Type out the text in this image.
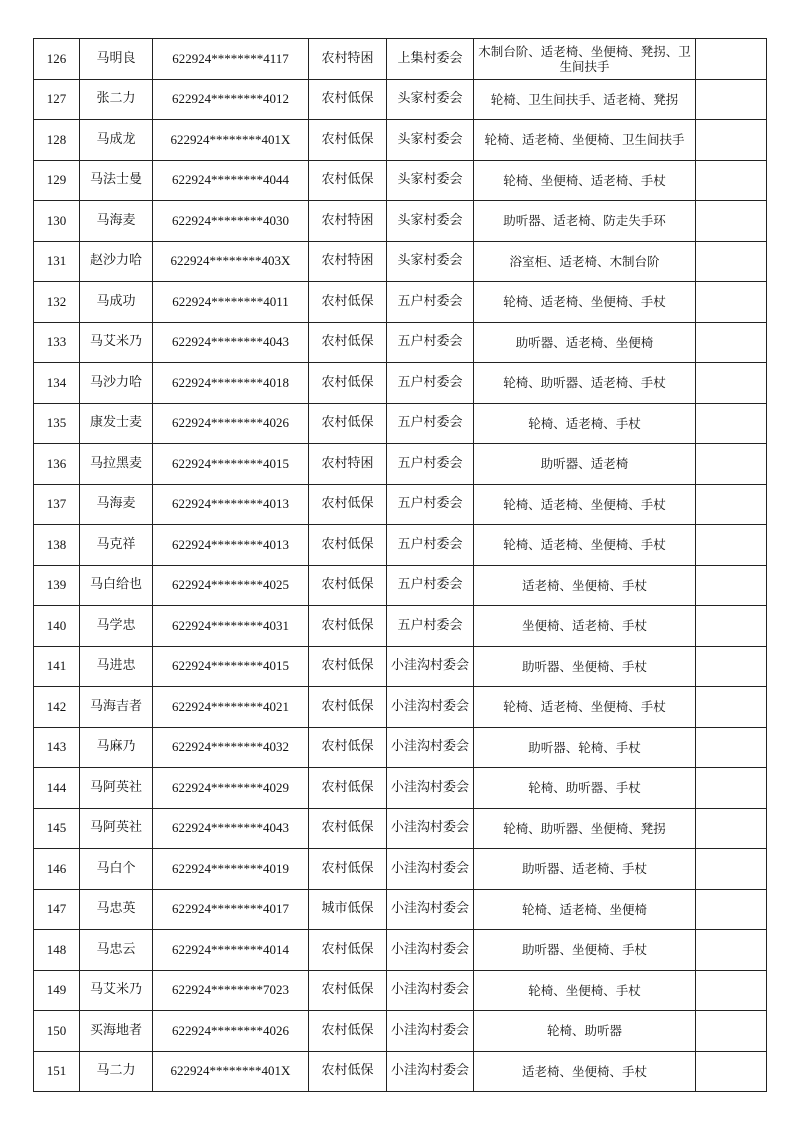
126	马明良	622924********4117	农村特困	上集村委会	木制台阶、适老椅、坐便椅、凳拐、卫生间扶手	
127	张二力	622924********4012	农村低保	头家村委会	轮椅、卫生间扶手、适老椅、凳拐	
128	马成龙	622924********401X	农村低保	头家村委会	轮椅、适老椅、坐便椅、卫生间扶手	
129	马法士曼	622924********4044	农村低保	头家村委会	轮椅、坐便椅、适老椅、手杖	
130	马海麦	622924********4030	农村特困	头家村委会	助听器、适老椅、防走失手环	
131	赵沙力哈	622924********403X	农村特困	头家村委会	浴室柜、适老椅、木制台阶	
132	马成功	622924********4011	农村低保	五户村委会	轮椅、适老椅、坐便椅、手杖	
133	马艾米乃	622924********4043	农村低保	五户村委会	助听器、适老椅、坐便椅	
134	马沙力哈	622924********4018	农村低保	五户村委会	轮椅、助听器、适老椅、手杖	
135	康发士麦	622924********4026	农村低保	五户村委会	轮椅、适老椅、手杖	
136	马拉黑麦	622924********4015	农村特困	五户村委会	助听器、适老椅	
137	马海麦	622924********4013	农村低保	五户村委会	轮椅、适老椅、坐便椅、手杖	
138	马克祥	622924********4013	农村低保	五户村委会	轮椅、适老椅、坐便椅、手杖	
139	马白给也	622924********4025	农村低保	五户村委会	适老椅、坐便椅、手杖	
140	马学忠	622924********4031	农村低保	五户村委会	坐便椅、适老椅、手杖	
141	马进忠	622924********4015	农村低保	小洼沟村委会	助听器、坐便椅、手杖	
142	马海吉者	622924********4021	农村低保	小洼沟村委会	轮椅、适老椅、坐便椅、手杖	
143	马麻乃	622924********4032	农村低保	小洼沟村委会	助听器、轮椅、手杖	
144	马阿英社	622924********4029	农村低保	小洼沟村委会	轮椅、助听器、手杖	
145	马阿英社	622924********4043	农村低保	小洼沟村委会	轮椅、助听器、坐便椅、凳拐	
146	马白个	622924********4019	农村低保	小洼沟村委会	助听器、适老椅、手杖	
147	马忠英	622924********4017	城市低保	小洼沟村委会	轮椅、适老椅、坐便椅	
148	马忠云	622924********4014	农村低保	小洼沟村委会	助听器、坐便椅、手杖	
149	马艾米乃	622924********7023	农村低保	小洼沟村委会	轮椅、坐便椅、手杖	
150	买海地者	622924********4026	农村低保	小洼沟村委会	轮椅、助听器	
151	马二力	622924********401X	农村低保	小洼沟村委会	适老椅、坐便椅、手杖	
